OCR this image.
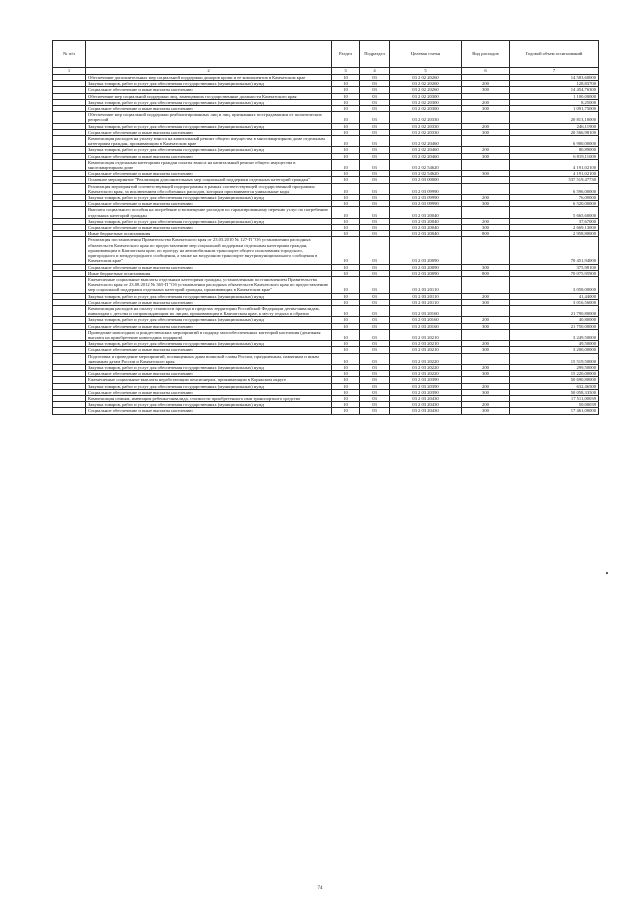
№ п/п		Раздел	Подраздел	Целевая статья	Вид расходов	Годовой объем ассигнований
1	2	3	4	5	6	7
	Обеспечение дополнительных мер социальной поддержки доноров крови и ее компонентов в Камчатском крае	10	03	03 2 02 20260		14 583,60000
	Закупка товаров, работ и услуг для обеспечения государственных (муниципальных) нужд	10	03	03 2 02 20260	200	128,83700
	Социальное обеспечение и иные выплаты населению	10	03	03 2 02 20260	300	14 454,76300
	Обеспечение мер социальной поддержки лиц, замещавших государственные должности Камчатского края	10	03	03 2 02 20300		1 100,00000
	Закупка товаров, работ и услуг для обеспечения государственных (муниципальных) нужд	10	03	03 2 02 20300	200	8,25000
	Социальное обеспечение и иные выплаты населению	10	03	03 2 02 20300	300	1 091,75000
	Обеспечение мер социальной поддержки реабилитированных лиц и лиц, признанных пострадавшими от политических репрессий	10	03	03 2 02 20330		20 813,10000
	Закупка товаров, работ и услуг для обеспечения государственных (муниципальных) нужд	10	03	03 2 02 20330	200	246,11900
	Социальное обеспечение и иные выплаты населению	10	03	03 2 02 20330	300	20 566,98100
	Компенсация расходов на уплату взноса на капитальный ремонт общего имущества в многоквартирном доме отдельным категориям граждан, проживающим в Камчатском крае	10	03	03 2 02 20460		6 900,00000
	Закупка товаров, работ и услуг для обеспечения государственных (муниципальных) нужд	10	03	03 2 02 20460	200	80,89000
	Социальное обеспечение и иные выплаты населению	10	03	03 2 02 20460	300	6 819,11000
	Компенсация отдельным категориям граждан оплаты взноса на капитальный ремонт общего имущества в многоквартирном доме	10	03	03 2 02 54620		4 191,02100
	Социальное обеспечение и иные выплаты населению	10	03	03 2 02 54620	300	4 191,02100
	Основное мероприятие "Реализация дополнительных мер социальной поддержки отдельных категорий граждан"	10	03	03 2 03 00000		537 519,47730
	Реализация мероприятий соответствующей подпрограммы в рамках соответствующей государственной программы Камчатского края, за исключением обособленных расходов, которым присваиваются уникальные коды	10	03	03 2 03 09990		6 596,00000
	Закупка товаров, работ и услуг для обеспечения государственных (муниципальных) нужд	10	03	03 2 03 09990	200	76,00000
	Социальное обеспечение и иные выплаты населению	10	03	03 2 03 09990	300	6 520,00000
	Выплата социального пособия на погребение и возмещение расходов по гарантированному перечню услуг по погребению отдельных категорий граждан	10	03	03 2 03 20040		5 665,60000
	Закупка товаров, работ и услуг для обеспечения государственных (муниципальных) нужд	10	03	03 2 03 20040	200	37,67000
	Социальное обеспечение и иные выплаты населению	10	03	03 2 03 20040	300	2 669,13000
	Иные бюджетные ассигнования	10	03	03 2 03 20040	800	2 958,80000
	Реализация постановления Правительства Камчатского края от 23.03.2010 № 127-П "Об установлении расходных обязательств Камчатского края по предоставлению мер социальной поддержки отдельным категориям граждан, проживающим в Камчатском крае, по проезду на автомобильном транспорте общего пользования городского, пригородного и междугородного сообщения, а также на воздушном транспорте внутримуниципального сообщения в Камчатском крае"	10	03	03 2 03 20090		70 451,94000
	Социальное обеспечение и иные выплаты населению	10	03	03 2 03 20090	300	375,98100
	Иные бюджетные ассигнования	10	03	03 2 03 20090	800	70 075,95900
	Ежемесячные социальные выплаты отдельным категориям граждан, установленным постановлением Правительства Камчатского края от 23.08.2012 № 365-П "Об установлении расходных обязательств Камчатского края по предоставлению мер социальной поддержки отдельных категорий граждан, проживающих в Камчатском крае"	10	03	03 2 03 20110		3 058,00000
	Закупка товаров, работ и услуг для обеспечения государственных (муниципальных) нужд	10	03	03 2 03 20110	200	41,44000
	Социальное обеспечение и иные выплаты населению	10	03	03 2 03 20110	300	3 016,56000
	Компенсация расходов на оплату стоимости проезда в пределах территории Российской Федерации детям-инвалидам, инвалидам с детства и сопровождающим их лицам, проживающим в Камчатском крае, к месту отдыха и обратно	10	03	03 2 03 20160		21 790,80000
	Закупка товаров, работ и услуг для обеспечения государственных (муниципальных) нужд	10	03	03 2 03 20160	200	40,80000
	Социальное обеспечение и иные выплаты населению	10	03	03 2 03 20160	300	21 750,00000
	Проведение новогодних и рождественских мероприятий в подарку малообеспеченных категорий населения (денежная выплата на приобретение новогодних подарков)	10	03	03 2 03 20210		3 249,50000
	Закупка товаров, работ и услуг для обеспечения государственных (муниципальных) нужд	10	03	03 2 03 20210	200	49,50000
	Социальное обеспечение и иные выплаты населению	10	03	03 2 03 20210	300	3 200,00000
	Подготовка и проведение мероприятий, посвященных дням воинской славы России, праздничным, памятным и иным значимым датам России и Камчатского края	10	03	03 2 03 20220		15 519,50000
	Закупка товаров, работ и услуг для обеспечения государственных (муниципальных) нужд	10	03	03 2 03 20220	200	299,50000
	Социальное обеспечение и иные выплаты населению	10	03	03 2 03 20220	300	15 220,00000
	Ежемесячные социальные выплаты неработающим пенсионерам, проживающим в Корякском округе	10	03	03 2 03 20390		50 690,80000
	Закупка товаров, работ и услуг для обеспечения государственных (муниципальных) нужд	10	03	03 2 03 20390	200	632,46500
	Социальное обеспечение и иные выплаты населению	10	03	03 2 03 20390	300	50 058,33500
	Компенсация семьям, имеющим ребенка-инвалида, стоимости приобретенного ими транспортного средства	10	03	03 2 03 20430		17 511,00039
	Закупка товаров, работ и услуг для обеспечения государственных (муниципальных) нужд	10	03	03 2 03 20430	200	50,00039
	Социальное обеспечение и иные выплаты населению	10	03	03 2 03 20430	300	17 461,00000
74
